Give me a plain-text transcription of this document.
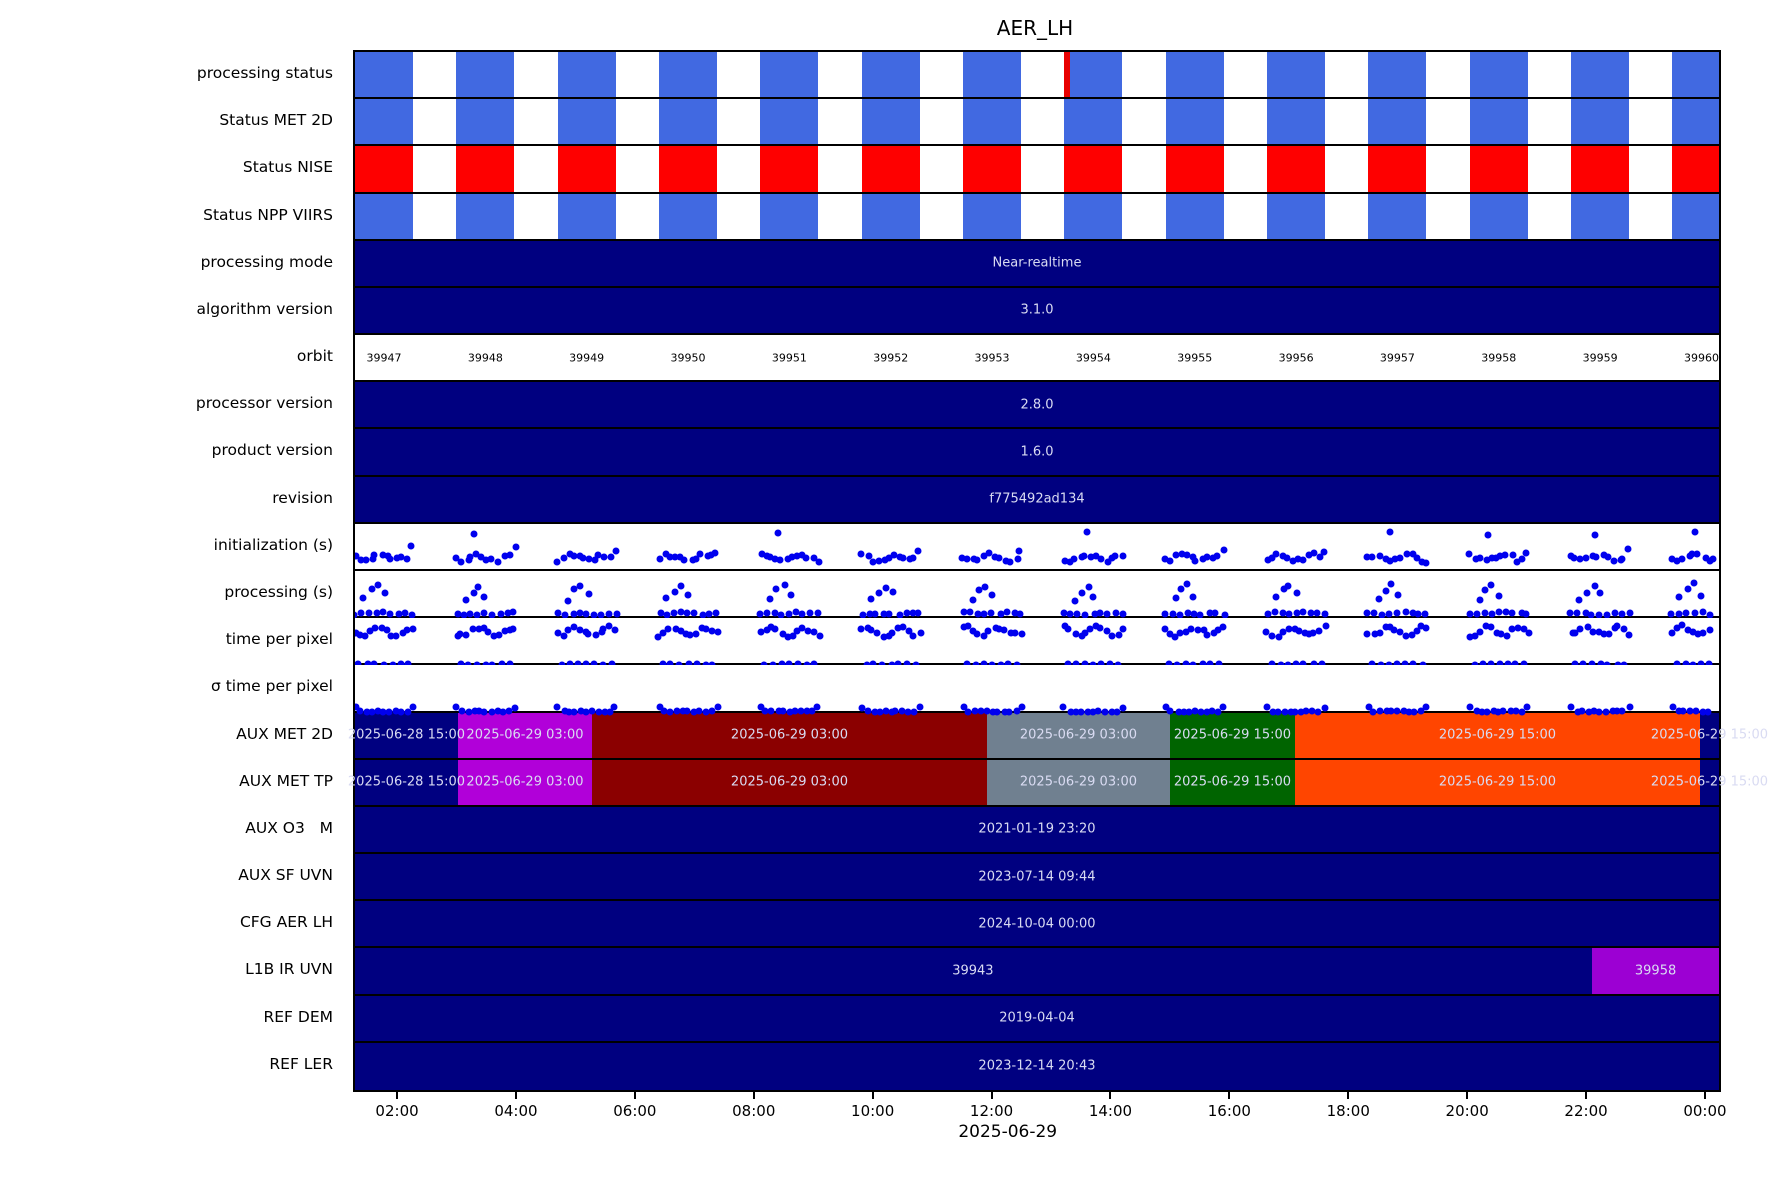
AER_LH
processing status
Status MET 2D
Status NISE
Status NPP VIIRS
processing mode
algorithm version
orbit
processor version
product version
revision
initialization (s)
processing (s)
time per pixel
σ time per pixel
AUX MET 2D
AUX MET TP
AUX O3   M
AUX SF UVN
CFG AER LH
L1B IR UVN
REF DEM
REF LER
Near-realtime
3.1.0
39947	39948	39949	39950	39951	39952	39953	39954	39955	39956	39957	39958	39959	39960
2.8.0
1.6.0
f775492ad134
2025-06-28 15:00 2025-06-29 03:00	2025-06-29 03:00	2025-06-29 03:00	2025-06-29 15:00	2025-06-29 15:00	2025-06-29 15:00
2025-06-28 15:00 2025-06-29 03:00	2025-06-29 03:00	2025-06-29 03:00	2025-06-29 15:00	2025-06-29 15:00	2025-06-29 15:00
2021-01-19 23:20
2023-07-14 09:44
2024-10-04 00:00
39958
39943
2019-04-04
2023-12-14 20:43
02:00	04:00	06:00	08:00	10:00	12:00	14:00	16:00	18:00	20:00	22:00	00:00
2025-06-29
